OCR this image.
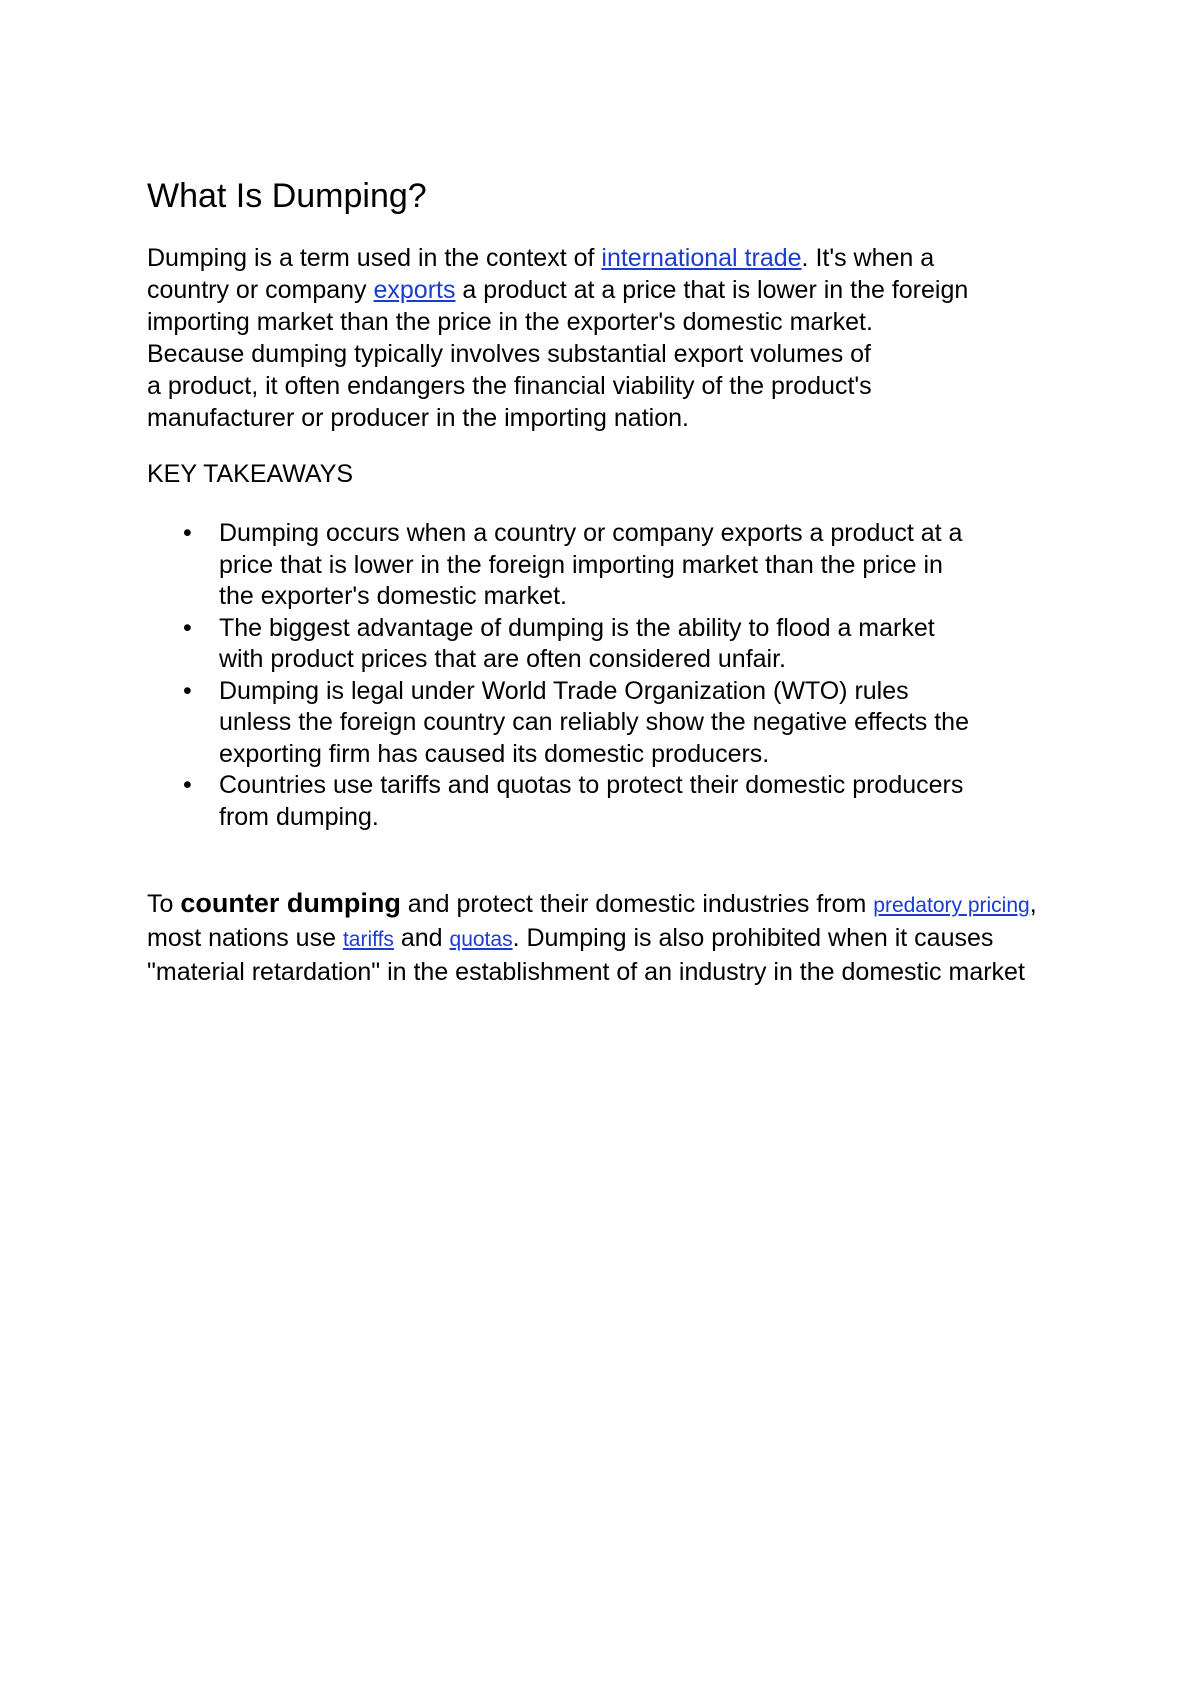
What Is Dumping?

Dumping is a term used in the context of international trade. It's when a
country or company exports a product at a price that is lower in the foreign
importing market than the price in the exporter's domestic market.
Because dumping typically involves substantial export volumes of
a product, it often endangers the financial viability of the product's
manufacturer or producer in the importing nation.

KEY TAKEAWAYS
• Dumping occurs when a country or company exports a product at a
price that is lower in the foreign importing market than the price in
the exporter's domestic market.
• The biggest advantage of dumping is the ability to flood a market
with product prices that are often considered unfair.
• Dumping is legal under World Trade Organization (WTO) rules
unless the foreign country can reliably show the negative effects the
exporting firm has caused its domestic producers.
• Countries use tariffs and quotas to protect their domestic producers
from dumping.

To counter dumping and protect their domestic industries from predatory pricing, most nations use tariffs and quotas. Dumping is also prohibited when it causes "material retardation" in the establishment of an industry in the domestic market
